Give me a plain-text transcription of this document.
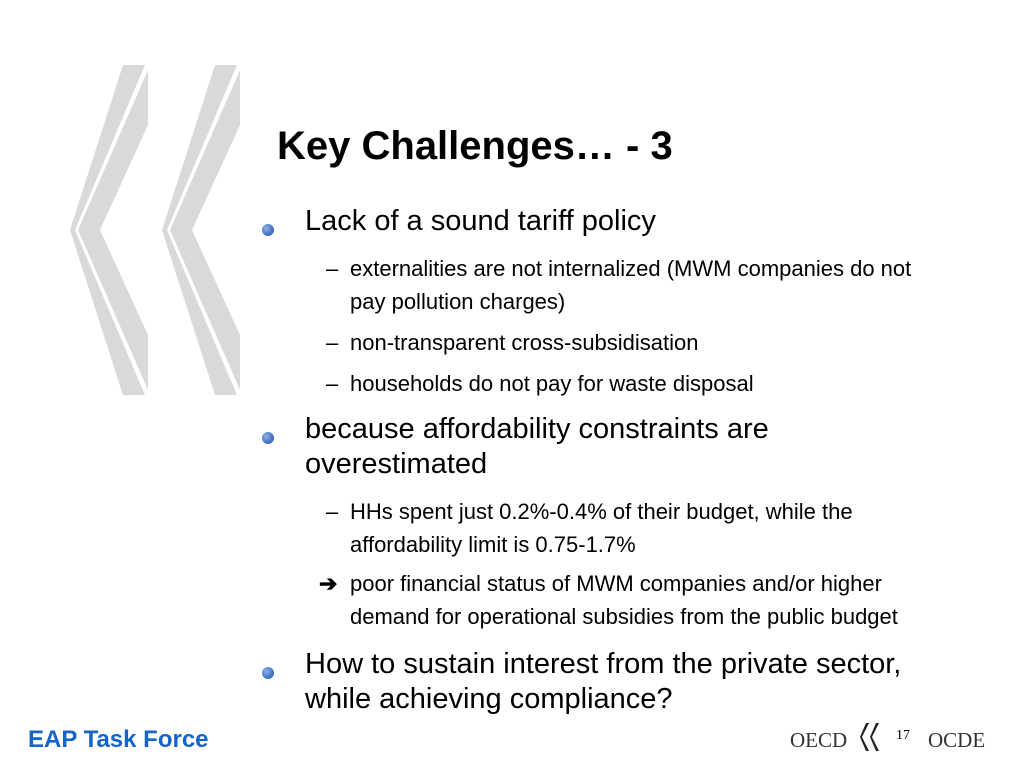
Key Challenges… - 3
Lack of a sound tariff policy
– externalities are not internalized (MWM companies do not pay pollution charges)
– non-transparent cross-subsidisation
– households do not pay for waste disposal
because affordability constraints are overestimated
– HHs spent just 0.2%-0.4% of their budget, while the affordability limit is 0.75-1.7%
➔ poor financial status of MWM companies and/or higher demand for operational subsidies from the public budget
How to sustain interest from the private sector, while achieving compliance?
EAP Task Force	OECD	17 OCDE
